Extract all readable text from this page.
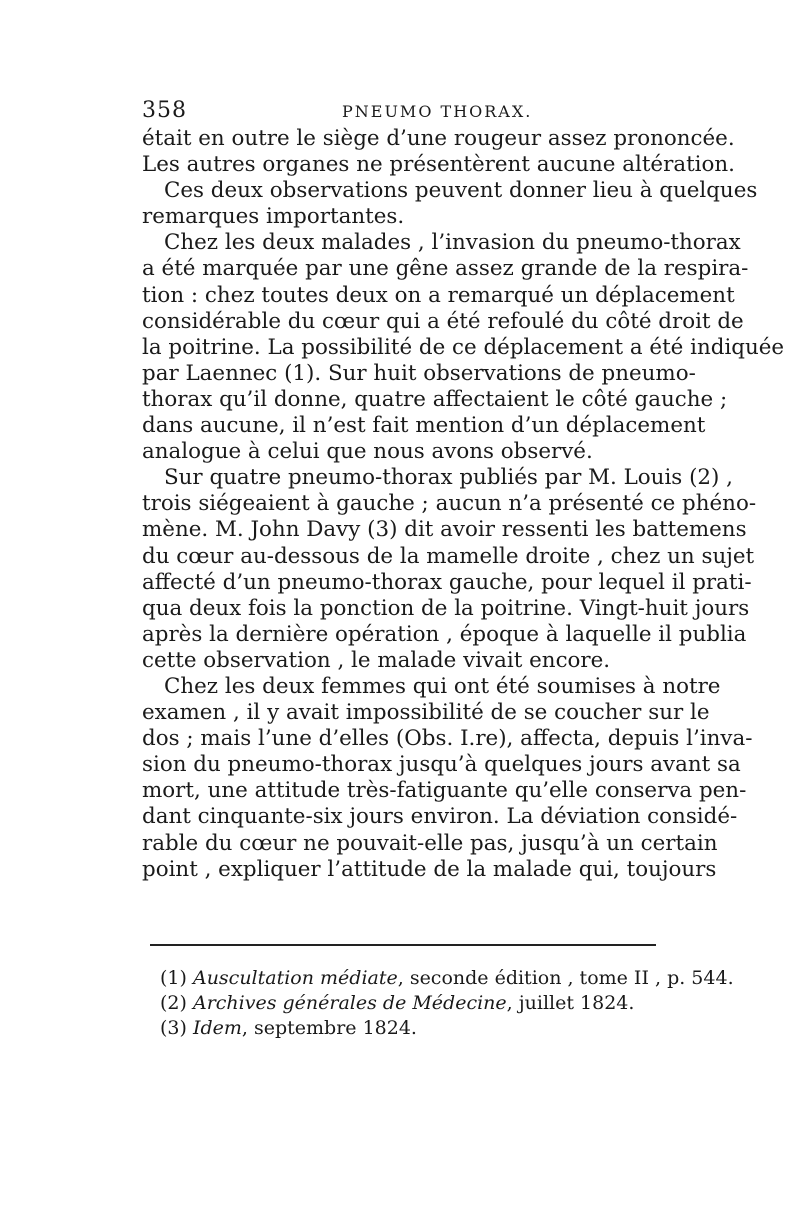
358	PNEUMO THORAX.
était en outre le siège d’une rougeur assez prononcée.
Les autres organes ne présentèrent aucune altération.
Ces deux observations peuvent donner lieu à quelques
remarques importantes.
Chez les deux malades , l’invasion du pneumo-thorax
a été marquée par une gêne assez grande de la respira-
tion : chez toutes deux on a remarqué un déplacement
considérable du cœur qui a été refoulé du côté droit de
la poitrine. La possibilité de ce déplacement a été indiquée
par Laennec (1). Sur huit observations de pneumo-
thorax qu’il donne, quatre affectaient le côté gauche ;
dans aucune, il n’est fait mention d’un déplacement
analogue à celui que nous avons observé.
Sur quatre pneumo-thorax publiés par M. Louis (2) ,
trois siégeaient à gauche ; aucun n’a présenté ce phéno-
mène. M. John Davy (3) dit avoir ressenti les battemens
du cœur au-dessous de la mamelle droite , chez un sujet
affecté d’un pneumo-thorax gauche, pour lequel il prati-
qua deux fois la ponction de la poitrine. Vingt-huit jours
après la dernière opération , époque à laquelle il publia
cette observation , le malade vivait encore.
Chez les deux femmes qui ont été soumises à notre
examen , il y avait impossibilité de se coucher sur le
dos ; mais l’une d’elles (Obs. I.re), affecta, depuis l’inva-
sion du pneumo-thorax jusqu’à quelques jours avant sa
mort, une attitude très-fatiguante qu’elle conserva pen-
dant cinquante-six jours environ. La déviation considé-
rable du cœur ne pouvait-elle pas, jusqu’à un certain
point , expliquer l’attitude de la malade qui, toujours
(1) Auscultation médiate, seconde édition , tome II , p. 544.
(2) Archives générales de Médecine, juillet 1824.
(3) Idem, septembre 1824.
